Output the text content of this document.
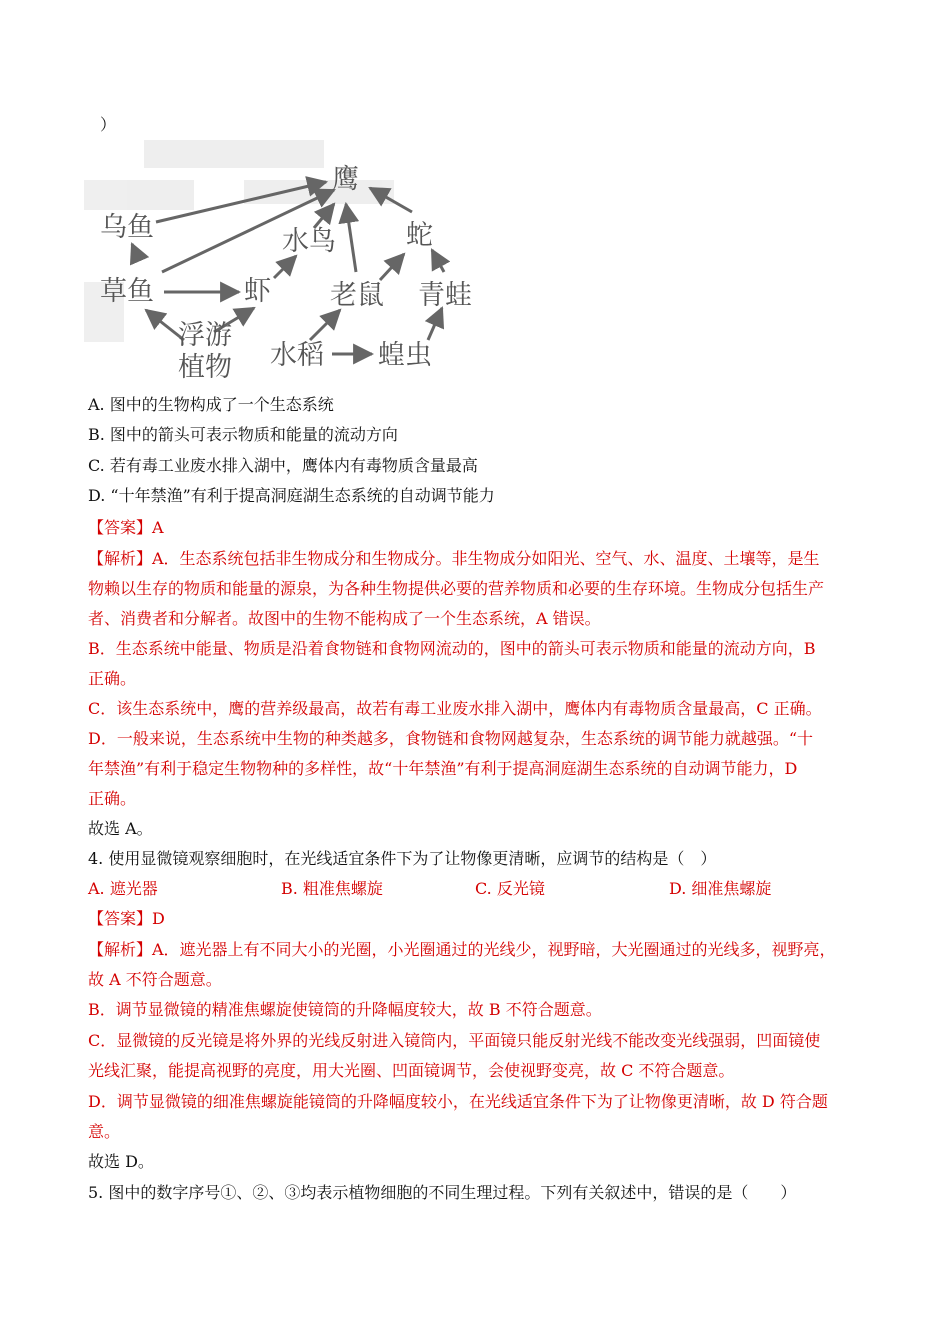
）
鹰
乌鱼	水鸟	蛇
草鱼	虾 老鼠 青蛙
浮游
植物 水稻 蝗虫
A. 图中的生物构成了一个生态系统
B. 图中的箭头可表示物质和能量的流动方向
C. 若有毒工业废水排入湖中，鹰体内有毒物质含量最高
D. “十年禁渔”有利于提高洞庭湖生态系统的自动调节能力
【答案】A
【解析】A．生态系统包括非生物成分和生物成分。非生物成分如阳光、空气、水、温度、土壤等，是生
物赖以生存的物质和能量的源泉，为各种生物提供必要的营养物质和必要的生存环境。生物成分包括生产
者、消费者和分解者。故图中的生物不能构成了一个生态系统，A 错误。
B．生态系统中能量、物质是沿着食物链和食物网流动的，图中的箭头可表示物质和能量的流动方向，B
正确。
C．该生态系统中，鹰的营养级最高，故若有毒工业废水排入湖中，鹰体内有毒物质含量最高，C 正确。
D．一般来说，生态系统中生物的种类越多，食物链和食物网越复杂，生态系统的调节能力就越强。“十
年禁渔”有利于稳定生物物种的多样性，故“十年禁渔”有利于提高洞庭湖生态系统的自动调节能力，D
正确。
故选 A。
4. 使用显微镜观察细胞时，在光线适宜条件下为了让物像更清晰，应调节的结构是（　）
A. 遮光器	B. 粗准焦螺旋	C. 反光镜	D. 细准焦螺旋
【答案】D
【解析】A．遮光器上有不同大小的光圈，小光圈通过的光线少，视野暗，大光圈通过的光线多，视野亮，
故 A 不符合题意。
B．调节显微镜的精准焦螺旋使镜筒的升降幅度较大，故 B 不符合题意。
C．显微镜的反光镜是将外界的光线反射进入镜筒内，平面镜只能反射光线不能改变光线强弱，凹面镜使
光线汇聚，能提高视野的亮度，用大光圈、凹面镜调节，会使视野变亮，故 C 不符合题意。
D．调节显微镜的细准焦螺旋能镜筒的升降幅度较小，在光线适宜条件下为了让物像更清晰，故 D 符合题
意。
故选 D。
5. 图中的数字序号①、②、③均表示植物细胞的不同生理过程。下列有关叙述中，错误的是（　　）
